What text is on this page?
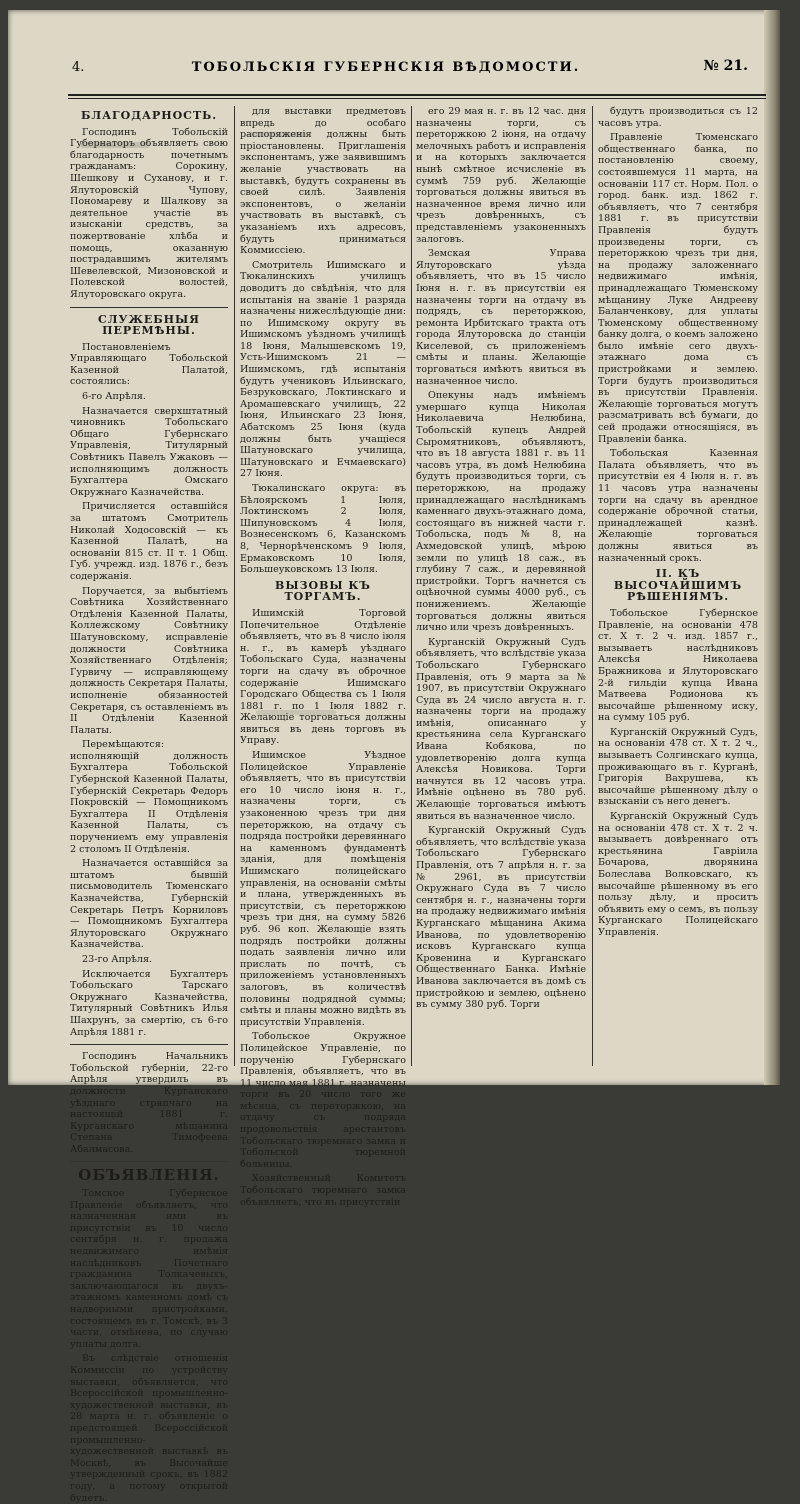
4.	ТОБОЛЬСКІЯ ГУБЕРНСКІЯ ВѢДОМОСТИ.	№ 21.
БЛАГОДАРНОСТЬ.

Господинъ Тобольскій Губернаторъ объявляетъ свою благодарность почетнымъ гражданамъ: Сорокину, Шешкову и Суханову, и г. Ялуторовскій Чупову, Пономареву и Шалкову за деятельное участіе въ изысканіи средствъ, за пожертвованіе хлѣба и помощь, оказанную пострадавшимъ жителямъ Шевелевской, Мизоновской и Полевской волостей, Ялуторовскаго округа.

СЛУЖЕБНЫЯ ПЕРЕМѢНЫ.

Постановленіемъ Управляющаго Тобольской Казенной Палатой, состоялись:

6-го Апрѣля.

Назначается сверхштатный чиновникъ Тобольскаго Общаго Губернскаго Управленія, Титулярный Совѣтникъ Павелъ Ужаковъ — исполняющимъ должность Бухгалтера Омскаго Окружнаго Казначейства.

Причисляется оставшійся за штатомъ Смотритель Николай Ходосовскій — къ Казенной Палатѣ, на основаніи 815 ст. II т. 1 Общ. Губ. учрежд. изд. 1876 г., безъ содержанія.

Поручается, за выбытіемъ Совѣтника Хозяйственнаго Отдѣленія Казенной Палаты, Коллежскому Совѣтнику Шатуновскому, исправленіе должности Совѣтника Хозяйственнаго Отдѣленія; Гурвичу — исправляющему должность Секретаря Палаты, исполненіе обязанностей Секретаря, съ оставленіемъ въ II Отдѣленіи Казенной Палаты.

Перемѣщаются: исполняющій должность Бухгалтера Тобольской Губернской Казенной Палаты, Губернскій Секретарь Федоръ Покровскій — Помощникомъ Бухгалтера II Отдѣленія Казенной Палаты, съ поручениемъ ему управленія 2 столомъ II Отдѣленія.

Назначается оставшійся за штатомъ бывшій письмоводитель Тюменскаго Казначейства, Губернскій Секретарь Петръ Корниловъ — Помощникомъ Бухгалтера Ялуторовскаго Окружнаго Казначейства.

23-го Апрѣля.

Исключается Бухгалтеръ Тобольскаго Тарскаго Окружнаго Казначейства, Титулярный Совѣтникъ Илья Шахрунъ, за смертію, съ 6-го Апрѣля 1881 г.

Господинъ Начальникъ Тобольской губерніи, 22-го Апрѣля утвердилъ въ должности Курганскаго уѣзднаго стряпчаго на настоящій 1881 г. Курганскаго мѣщанина Степана Тимофеева Абалмасова.

ОБЪЯВЛЕНІЯ.

Томское Губернское Правленіе объявляетъ, что назначенная ими въ присутствіи въ 10 число сентября н. г. продажа недвижимаго имѣнія наслѣдниковъ Почетнаго гражданина Толкачевыхъ, заключающагося въ двухъ-этажномъ каменномъ домѣ съ надворными пристройками, состоящемъ въ г. Томскѣ, въ 3 части, отмѣнена, по случаю уплаты долга.

Въ слѣдствіе отношенія Коммиссіи по устройству выставки, объявляется, что Всероссійской промышленно-художественной выставки, въ 28 марта н. г. объявленіе о предстоящей Всероссійской промышленно-художественной выставкѣ въ Москвѣ, въ Высочайше утвержденный срокъ, въ 1882 году, а потому открытой будетъ.

для выставки предметовъ впредь до особаго распоряженія должны быть пріостановлены. Приглашенія экспонентамъ, уже заявившимъ желаніе участвовать на выставкѣ, будутъ сохранены въ своей силѣ. Заявленія экспонентовъ, о желаніи участвовать въ выставкѣ, съ указаніемъ ихъ адресовъ, будутъ приниматься Коммиссіею.

Смотритель Ишимскаго и Тюкалинскихъ училищъ доводитъ до свѣдѣнія, что для испытанія на званіе 1 разряда назначены нижеслѣдующіе дни: по Ишимскому округу въ Ишимскомъ уѣздномъ училищѣ 18 Іюня, Малышевскомъ 19, Усть-Ишимскомъ 21 — Ишимскомъ, гдѣ испытанія будутъ учениковъ Ильинскаго, Безруковскаго, Локтинскаго и Аромашевскаго училищъ, 22 Іюня, Ильинскаго 23 Іюня, Абатскомъ 25 Іюня (куда должны быть учащіеся Шатуновскаго училища, Шатуновскаго и Ечмаевскаго) 27 Іюня.

Тюкалинскаго округа: въ Бѣлоярскомъ 1 Іюля, Локтинскомъ 2 Іюля, Шипуновскомъ 4 Іюля, Вознесенскомъ 6, Казанскомъ 8, Чернорѣченскомъ 9 Іюля, Ермаковскомъ 10 Іюля, Большеуковскомъ 13 Іюля.

ВЫЗОВЫ КЪ ТОРГАМЪ.

Ишимскій Торговой Попечительное Отдѣленіе объявляетъ, что въ 8 число іюля н. г., въ камерѣ уѣзднаго Тобольскаго Суда, назначены торги на сдачу въ оброчное содержаніе Ишимскаго Городскаго Общества съ 1 Іюля 1881 г. по 1 Іюля 1882 г. Желающіе торговаться должны явиться въ день торговъ въ Управу.

Ишимское Уѣздное Полицейское Управленіе объявляетъ, что въ присутствіи его 10 число іюня н. г., назначены торги, съ узаконенною чрезъ три дня переторжкою, на отдачу съ подряда постройки деревяннаго на каменномъ фундаментѣ зданія, для помѣщенія Ишимскаго полицейскаго управленія, на основаніи смѣты и плана, утвержденныхъ въ присутствіи, съ переторжкою чрезъ три дня, на сумму 5826 руб. 96 коп. Желающіе взять подрядъ постройки должны подать заявленія лично или прислать по почтѣ, съ приложеніемъ установленныхъ залоговъ, въ количествѣ половины подрядной суммы; смѣты и планы можно видѣть въ присутствіи Управленія.

Тобольское Окружное Полицейское Управленіе, по порученію Губернскаго Правленія, объявляетъ, что въ 11 число мая 1881 г. назначены торги въ 20 число того же мѣсяца, съ переторжкою, на отдачу съ подряда продовольствія арестантовъ Тобольскаго тюремнаго замка и Тобольской тюремной больницы.

Хозяйственный Комитетъ Тобольскаго тюремнаго замка объявляетъ, что въ присутствіи

его 29 мая н. г. въ 12 час. дня назначены торги, съ переторжкою 2 іюня, на отдачу мелочныхъ работъ и исправленія и на которыхъ заключается нынѣ смѣтное исчисленіе въ суммѣ 759 руб. Желающіе торговаться должны явиться въ назначенное время лично или чрезъ довѣренныхъ, съ представленіемъ узаконенныхъ залоговъ.

Земская Управа Ялуторовскаго уѣзда объявляетъ, что въ 15 число Іюня н. г. въ присутствіи ея назначены торги на отдачу въ подрядъ, съ переторжкою, ремонта Ирбитскаго тракта отъ города Ялуторовска до станціи Киселевой, съ приложеніемъ смѣты и планы. Желающіе торговаться имѣютъ явиться въ назначенное число.

Опекуны надъ имѣніемъ умершаго купца Николая Николаевича Нелюбина, Тобольскій купецъ Андрей Сыромятниковъ, объявляютъ, что въ 18 августа 1881 г. въ 11 часовъ утра, въ домѣ Нелюбина будутъ производиться торги, съ переторжкою, на продажу принадлежащаго наслѣдникамъ каменнаго двухъ-этажнаго дома, состоящаго въ нижней части г. Тобольска, подъ № 8, на Ахмедовской улицѣ, мѣрою земли по улицѣ 18 саж., въ глубину 7 саж., и деревянной пристройки. Торгъ начнется съ оцѣночной суммы 4000 руб., съ понижениемъ. Желающіе торговаться должны явиться лично или чрезъ довѣренныхъ.

Курганскій Окружный Судъ объявляетъ, что вслѣдствіе указа Тобольскаго Губернскаго Правленія, отъ 9 марта за № 1907, въ присутствіи Окружнаго Суда въ 24 число августа н. г. назначены торги на продажу имѣнія, описаннаго у крестьянина села Курганскаго Ивана Кобякова, по удовлетворенію долга купца Алексѣя Новикова. Торги начнутся въ 12 часовъ утра. Имѣніе оцѣнено въ 780 руб. Желающіе торговаться имѣютъ явиться въ назначенное число.

Курганскій Окружный Судъ объявляетъ, что вслѣдствіе указа Тобольскаго Губернскаго Правленія, отъ 7 апрѣля н. г. за № 2961, въ присутствіи Окружнаго Суда въ 7 число сентября н. г., назначены торги на продажу недвижимаго имѣнія Курганскаго мѣщанина Акима Иванова, по удовлетворенію исковъ Курганскаго купца Кровенина и Курганскаго Общественнаго Банка. Имѣніе Иванова заключается въ домѣ съ пристройкою и землею, оцѣнено въ сумму 380 руб. Торги

будутъ производиться съ 12 часовъ утра.

Правленіе Тюменскаго общественнаго банка, по постановленію своему, состоявшемуся 11 марта, на основаніи 117 ст. Норм. Пол. о город. банк. изд. 1862 г. объявляетъ, что 7 сентября 1881 г. въ присутствіи Правленія будутъ произведены торги, съ переторжкою чрезъ три дня, на продажу заложеннаго недвижимаго имѣнія, принадлежащаго Тюменскому мѣщанину Луке Андрееву Баланченкову, для уплаты Тюменскому общественному банку долга, о коемъ заложено было имѣніе сего двухъ-этажнаго дома съ пристройками и землею. Торги будутъ производиться въ присутствіи Правленія. Желающіе торговаться могутъ разсматривать всѣ бумаги, до сей продажи относящіяся, въ Правленіи банка.

Тобольская Казенная Палата объявляетъ, что въ присутствіи ея 4 Іюля н. г. въ 11 часовъ утра назначены торги на сдачу въ арендное содержаніе оброчной статьи, принадлежащей казнѣ. Желающіе торговаться должны явиться въ назначенный срокъ.

II. КЪ ВЫСОЧАЙШИМЪ РѢШЕНІЯМЪ.

Тобольское Губернское Правленіе, на основаніи 478 ст. X т. 2 ч. изд. 1857 г., вызываетъ наслѣдниковъ Алексѣя Николаева Бражникова и Ялуторовскаго 2-й гильдіи купца Ивана Матвеева Родионова къ высочайше рѣшенному иску, на сумму 105 руб.

Курганскій Окружный Судъ, на основаніи 478 ст. X т. 2 ч., вызываетъ Солгинскаго купца, проживающаго въ г. Курганѣ, Григорія Вахрушева, къ высочайше рѣшенному дѣлу о взысканіи съ него денегъ.

Курганскій Окружный Судъ на основаніи 478 ст. X т. 2 ч. вызываетъ довѣреннаго отъ крестьянина Гавріила Бочарова, дворянина Болеслава Волковскаго, къ высочайше рѣшенному въ его пользу дѣлу, и проситъ объявить ему о семъ, въ пользу Курганскаго Полицейскаго Управленія.
